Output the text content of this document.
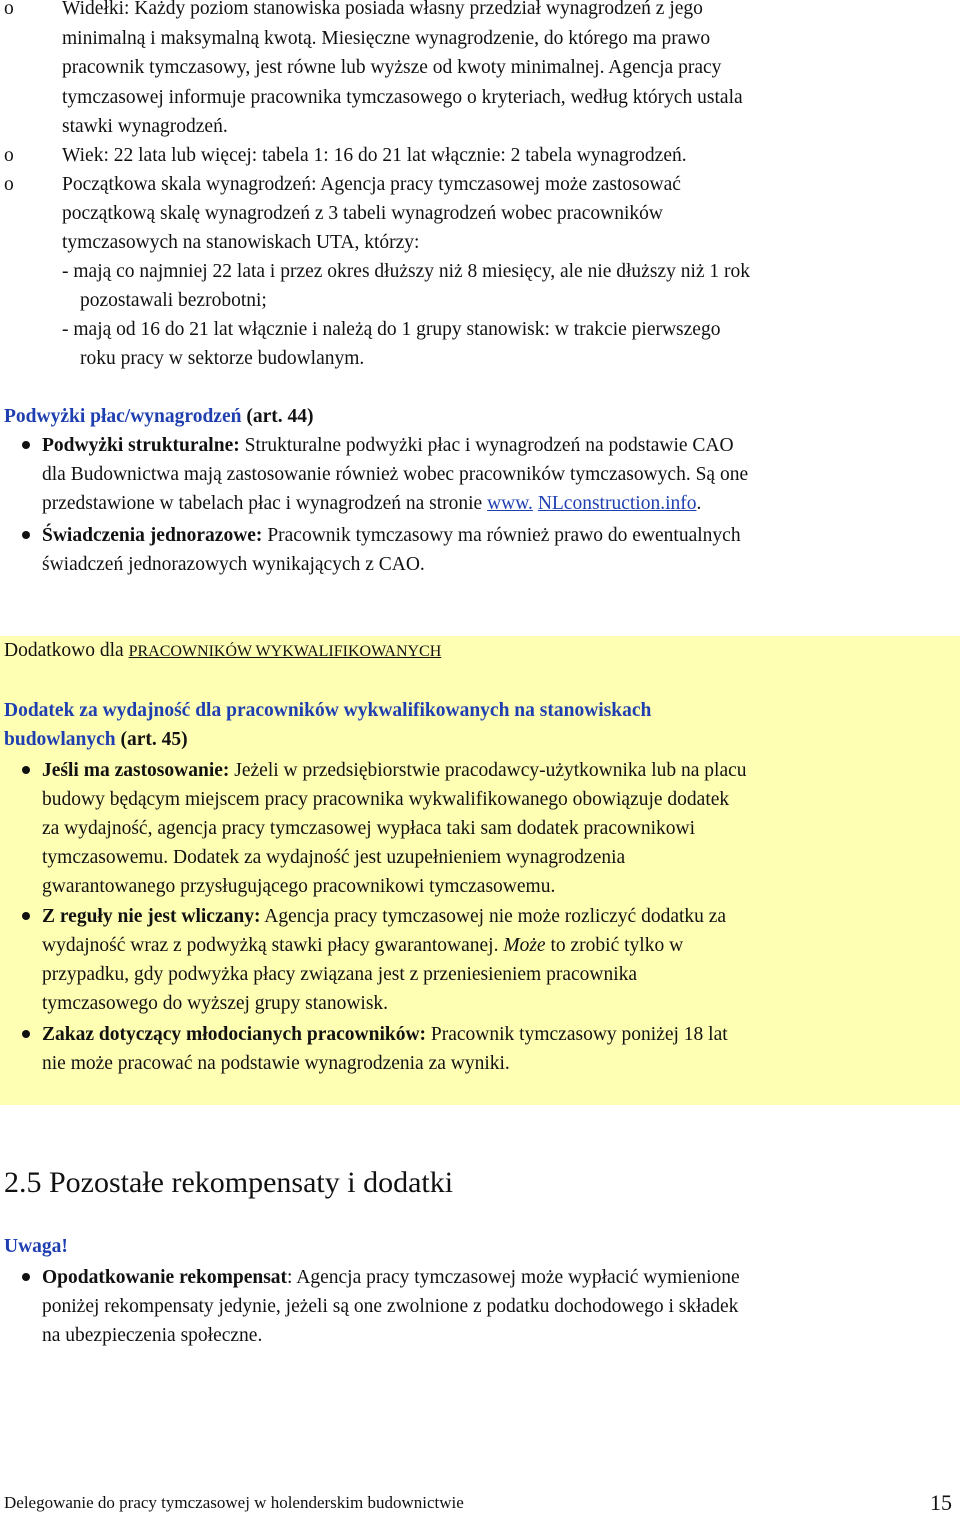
o Widełki: Każdy poziom stanowiska posiada własny przedział wynagrodzeń z jego
minimalną i maksymalną kwotą. Miesięczne wynagrodzenie, do którego ma prawo
pracownik tymczasowy, jest równe lub wyższe od kwoty minimalnej. Agencja pracy
tymczasowej informuje pracownika tymczasowego o kryteriach, według których ustala
stawki wynagrodzeń.
o Wiek: 22 lata lub więcej: tabela 1: 16 do 21 lat włącznie: 2 tabela wynagrodzeń.
o Początkowa skala wynagrodzeń: Agencja pracy tymczasowej może zastosować
początkową skalę wynagrodzeń z 3 tabeli wynagrodzeń wobec pracowników
tymczasowych na stanowiskach UTA, którzy:
- mają co najmniej 22 lata i przez okres dłuższy niż 8 miesięcy, ale nie dłuższy niż 1 rok
pozostawali bezrobotni;
- mają od 16 do 21 lat włącznie i należą do 1 grupy stanowisk: w trakcie pierwszego
roku pracy w sektorze budowlanym.
Podwyżki płac/wynagrodzeń (art. 44)
Podwyżki strukturalne: Strukturalne podwyżki płac i wynagrodzeń na podstawie CAO
dla Budownictwa mają zastosowanie również wobec pracowników tymczasowych. Są one
przedstawione w tabelach płac i wynagrodzeń na stronie www. NLconstruction.info.
Świadczenia jednorazowe: Pracownik tymczasowy ma również prawo do ewentualnych
świadczeń jednorazowych wynikających z CAO.
Dodatkowo dla PRACOWNIKÓW WYKWALIFIKOWANYCH
Dodatek za wydajność dla pracowników wykwalifikowanych na stanowiskach
budowlanych (art. 45)
Jeśli ma zastosowanie: Jeżeli w przedsiębiorstwie pracodawcy-użytkownika lub na placu
budowy będącym miejscem pracy pracownika wykwalifikowanego obowiązuje dodatek
za wydajność, agencja pracy tymczasowej wypłaca taki sam dodatek pracownikowi
tymczasowemu. Dodatek za wydajność jest uzupełnieniem wynagrodzenia
gwarantowanego przysługującego pracownikowi tymczasowemu.
Z reguły nie jest wliczany: Agencja pracy tymczasowej nie może rozliczyć dodatku za
wydajność wraz z podwyżką stawki płacy gwarantowanej. Może to zrobić tylko w
przypadku, gdy podwyżka płacy związana jest z przeniesieniem pracownika
tymczasowego do wyższej grupy stanowisk.
Zakaz dotyczący młodocianych pracowników: Pracownik tymczasowy poniżej 18 lat
nie może pracować na podstawie wynagrodzenia za wyniki.
2.5 Pozostałe rekompensaty i dodatki
Uwaga!
Opodatkowanie rekompensat: Agencja pracy tymczasowej może wypłacić wymienione
poniżej rekompensaty jedynie, jeżeli są one zwolnione z podatku dochodowego i składek
na ubezpieczenia społeczne.
Delegowanie do pracy tymczasowej w holenderskim budownictwie	15
